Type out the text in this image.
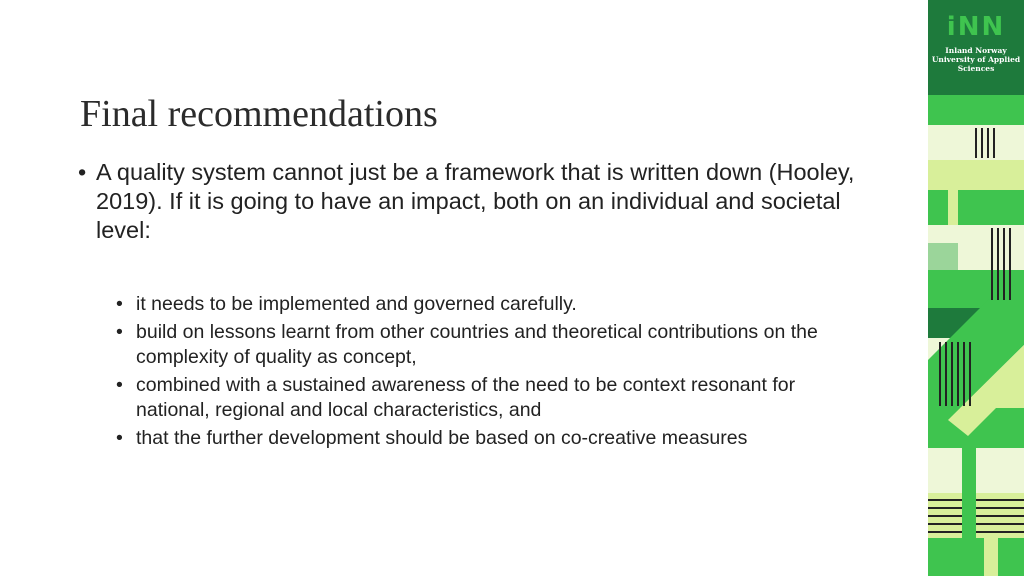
Final recommendations
• A quality system cannot just be a framework that is written down (Hooley, 2019). If it is going to have an impact, both on an individual and societal level:
• it needs to be implemented and governed carefully.
• build on lessons learnt from other countries and theoretical contributions on the complexity of quality as concept,
• combined with a sustained awareness of the need to be context resonant for national, regional and local characteristics, and
• that the further development should be based on co-creative measures
iNN
Inland Norway University of Applied Sciences
